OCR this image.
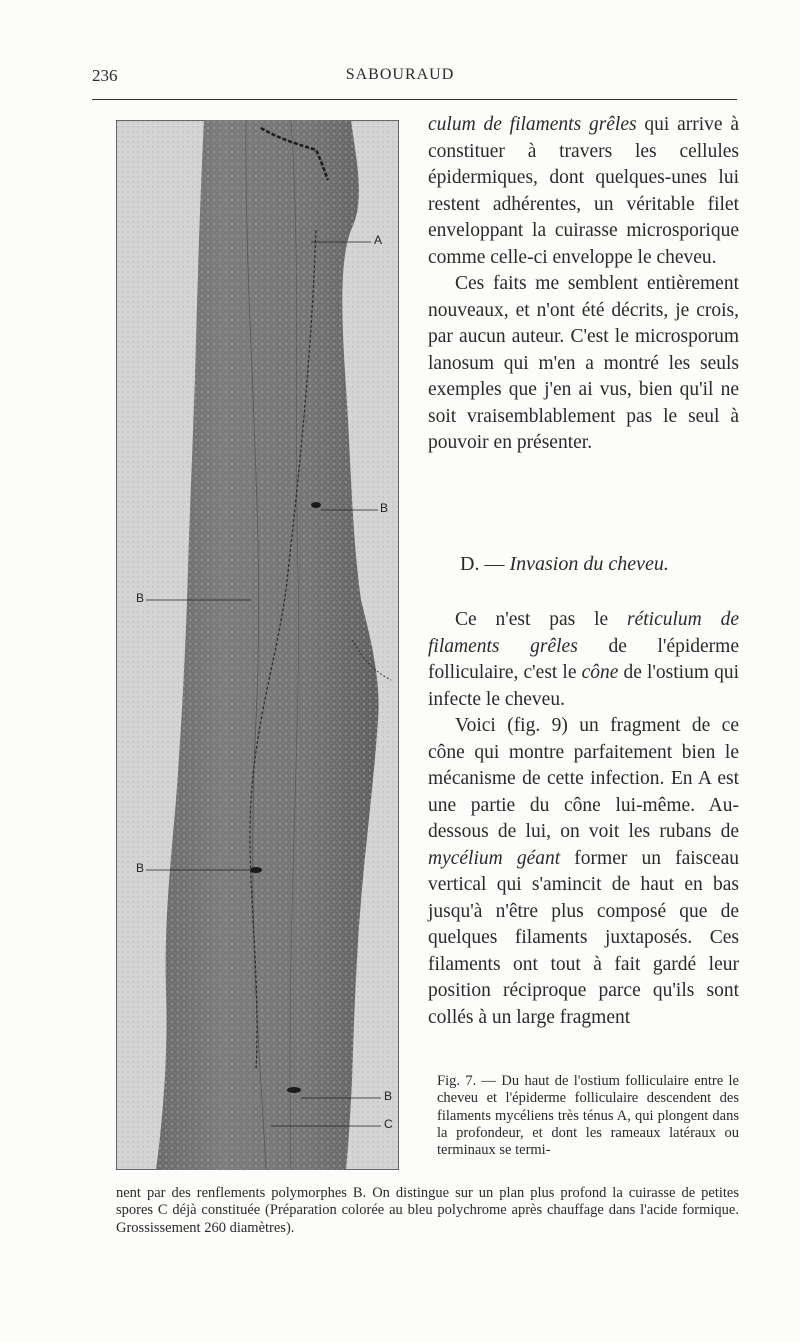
236	SABOURAUD
A
B
B
B
B
C

culum de filaments grêles qui arrive à constituer à travers les cellules épidermiques, dont quelques-unes lui restent adhérentes, un véritable filet enveloppant la cuirasse microsporique comme celle-ci enveloppe le cheveu.

Ces faits me semblent entièrement nouveaux, et n'ont été décrits, je crois, par aucun auteur. C'est le microsporum lanosum qui m'en a montré les seuls exemples que j'en ai vus, bien qu'il ne soit vraisemblablement pas le seul à pouvoir en présenter.

D. — Invasion du cheveu.

Ce n'est pas le réticulum de filaments grêles de l'épiderme folliculaire, c'est le cône de l'ostium qui infecte le cheveu.

Voici (fig. 9) un fragment de ce cône qui montre parfaitement bien le mécanisme de cette infection. En A est une partie du cône lui-même. Au-dessous de lui, on voit les rubans de mycélium géant former un faisceau vertical qui s'amincit de haut en bas jusqu'à n'être plus composé que de quelques filaments juxtaposés. Ces filaments ont tout à fait gardé leur position réciproque parce qu'ils sont collés à un large fragment

Fig. 7. — Du haut de l'ostium folliculaire entre le cheveu et l'épiderme folliculaire descendent des filaments mycéliens très ténus A, qui plongent dans la profondeur, et dont les rameaux latéraux ou terminaux se termi-
nent par des renflements polymorphes B. On distingue sur un plan plus profond la cuirasse de petites spores C déjà constituée (Préparation colorée au bleu polychrome après chauffage dans l'acide formique. Grossissement 260 diamètres).
